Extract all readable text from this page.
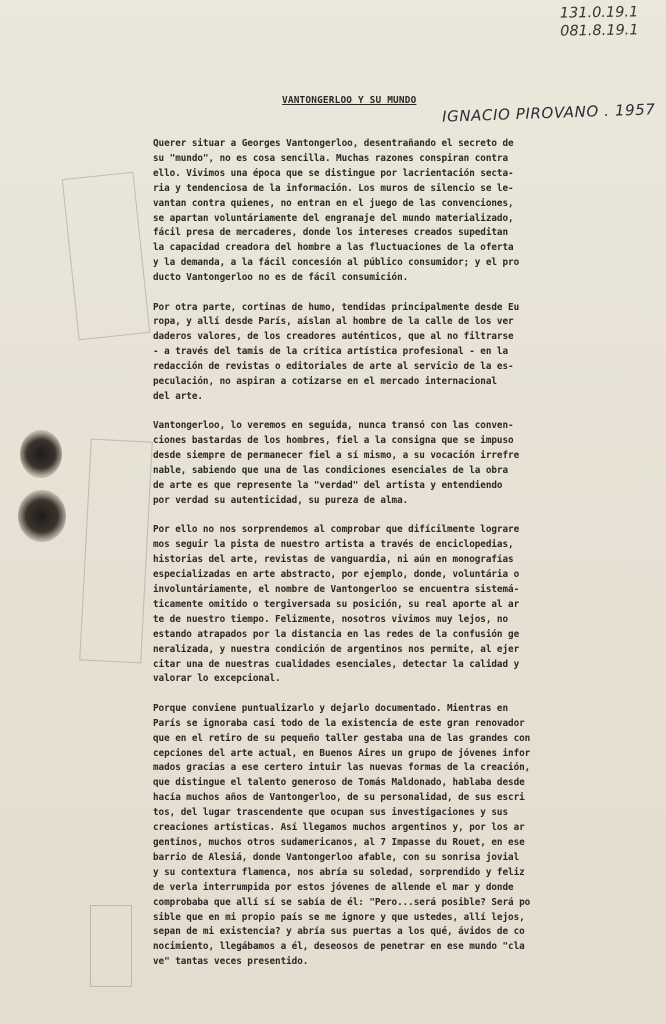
131.0.19.1
081.8.19.1
VANTONGERLOO Y SU MUNDO IGNACIO PIROVANO . 1957
Querer situar a Georges Vantongerloo, desentrañando el secreto de
su "mundo", no es cosa sencilla. Muchas razones conspiran contra
ello. Vivimos una época que se distingue por lacrientación secta-
ria y tendenciosa de la información. Los muros de silencio se le-
vantan contra quienes, no entran en el juego de las convenciones,
se apartan voluntáriamente del engranaje del mundo materializado,
fácil presa de mercaderes, donde los intereses creados supeditan
la capacidad creadora del hombre a las fluctuaciones de la oferta
y la demanda, a la fácil concesión al público consumidor; y el pro
ducto Vantongerloo no es de fácil consumición.
Por otra parte, cortinas de humo, tendidas principalmente desde Eu
ropa, y allí desde París, aíslan al hombre de la calle de los ver
daderos valores, de los creadores auténticos, que al no filtrarse
- a través del tamis de la crítica artística profesional - en la
redacción de revistas o editoriales de arte al servicio de la es-
peculación, no aspiran a cotizarse en el mercado internacional
del arte.
Vantongerloo, lo veremos en seguida, nunca transó con las conven-
ciones bastardas de los hombres, fiel a la consigna que se impuso
desde siempre de permanecer fiel a sí mismo, a su vocación irrefre
nable, sabiendo que una de las condiciones esenciales de la obra
de arte es que represente la "verdad" del artista y entendiendo
por verdad su autenticidad, su pureza de alma.
Por ello no nos sorprendemos al comprobar que difícilmente lograre
mos seguir la pista de nuestro artista a través de enciclopedias,
historias del arte, revistas de vanguardia, ni aún en monografías
especializadas en arte abstracto, por ejemplo, donde, voluntária o
involuntáriamente, el nombre de Vantongerloo se encuentra sistemá-
ticamente omitido o tergiversada su posición, su real aporte al ar
te de nuestro tiempo. Felizmente, nosotros vivimos muy lejos, no
estando atrapados por la distancia en las redes de la confusión ge
neralizada, y nuestra condición de argentinos nos permite, al ejer
citar una de nuestras cualidades esenciales, detectar la calidad y
valorar lo excepcional.
Porque conviene puntualizarlo y dejarlo documentado. Mientras en
París se ignoraba casi todo de la existencia de este gran renovador
que en el retiro de su pequeño taller gestaba una de las grandes con
cepciones del arte actual, en Buenos Aires un grupo de jóvenes infor
mados gracias a ese certero intuir las nuevas formas de la creación,
que distingue el talento generoso de Tomás Maldonado, hablaba desde
hacía muchos años de Vantongerloo, de su personalidad, de sus escri
tos, del lugar trascendente que ocupan sus investigaciones y sus
creaciones artísticas. Así llegamos muchos argentinos y, por los ar
gentinos, muchos otros sudamericanos, al 7 Impasse du Rouet, en ese
barrio de Alesiá, donde Vantongerloo afable, con su sonrisa jovial
y su contextura flamenca, nos abría su soledad, sorprendido y feliz
de verla interrumpida por estos jóvenes de allende el mar y donde
comprobaba que allí sí se sabía de él: "Pero...será posible? Será po
sible que en mi propio país se me ignore y que ustedes, allí lejos,
sepan de mi existencia? y abría sus puertas a los qué, ávidos de co
nocimiento, llegábamos a él, deseosos de penetrar en ese mundo "cla
ve" tantas veces presentido.
